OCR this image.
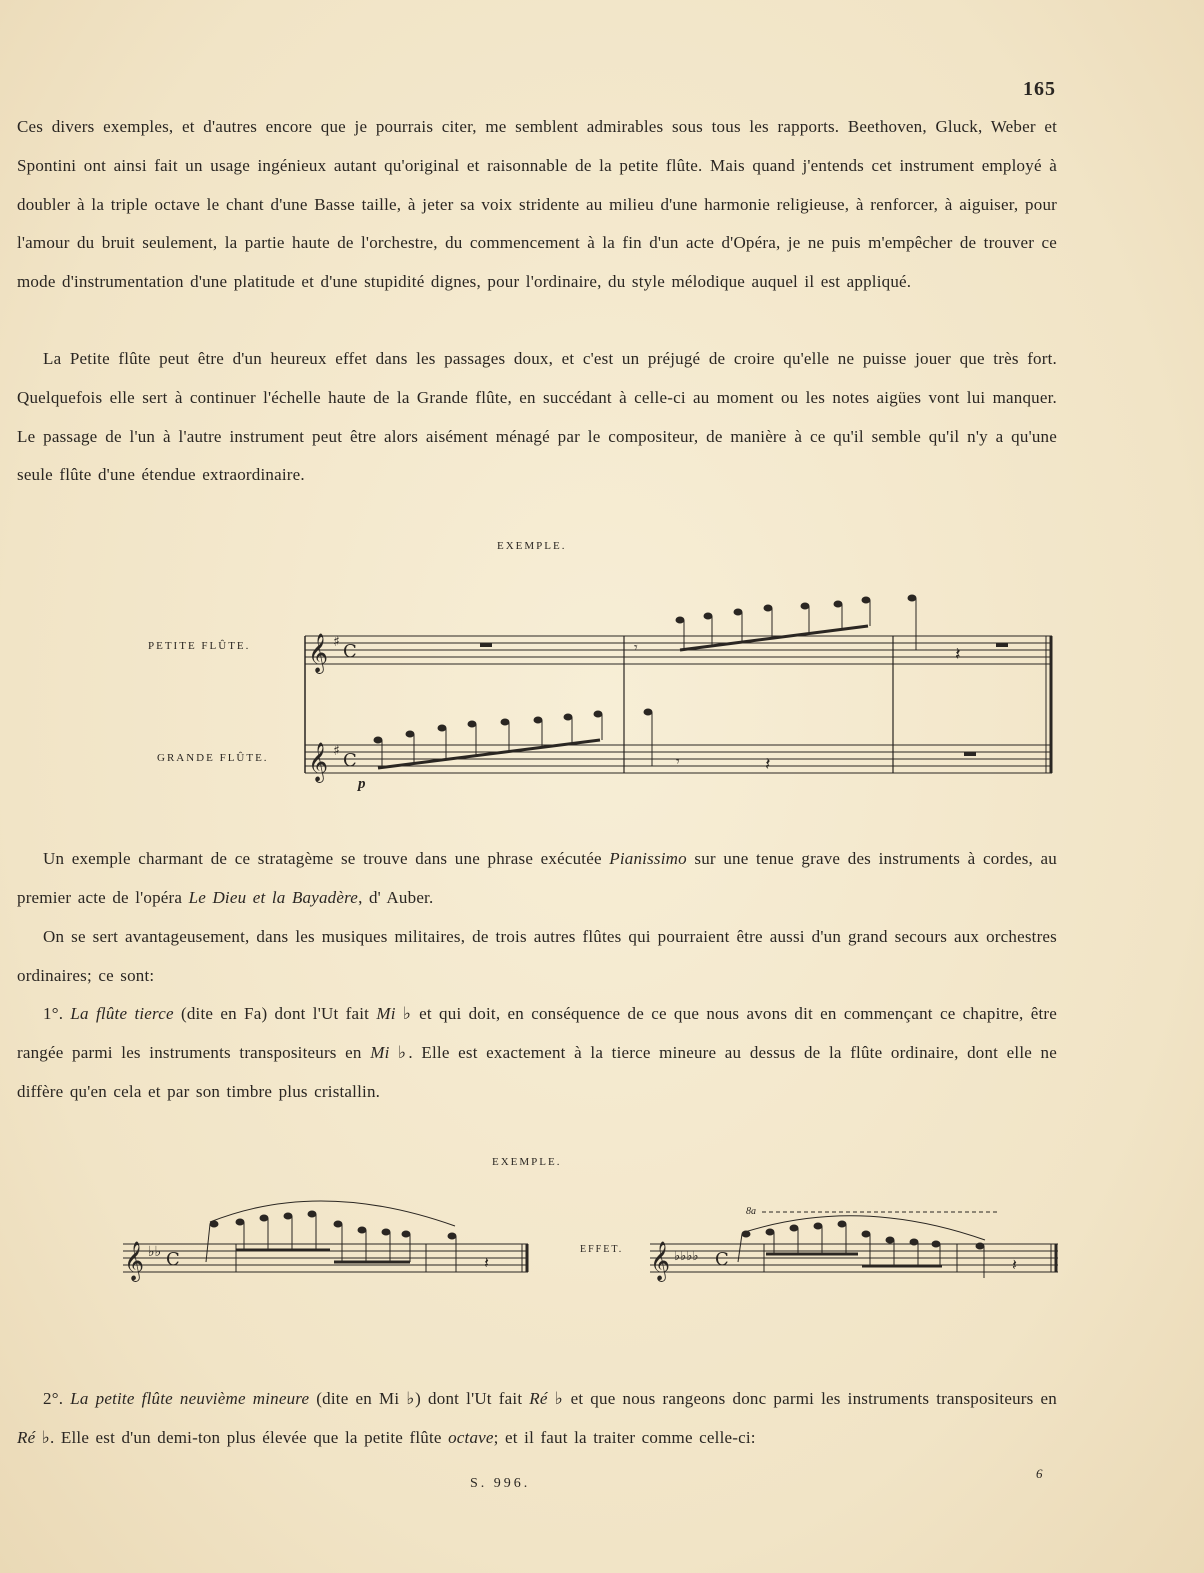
165
Ces divers exemples, et d'autres encore que je pourrais citer, me semblent admirables sous tous les rapports. Beethoven, Gluck, Weber et Spontini ont ainsi fait un usage ingénieux autant qu'original et raisonnable de la petite flûte. Mais quand j'entends cet instrument employé à doubler à la triple octave le chant d'une Basse taille, à jeter sa voix stridente au milieu d'une harmonie religieuse, à renforcer, à aiguiser, pour l'amour du bruit seulement, la partie haute de l'orchestre, du commencement à la fin d'un acte d'Opéra, je ne puis m'empêcher de trouver ce mode d'instrumentation d'une platitude et d'une stupidité dignes, pour l'ordinaire, du style mélodique auquel il est appliqué.
La Petite flûte peut être d'un heureux effet dans les passages doux, et c'est un préjugé de croire qu'elle ne puisse jouer que très fort. Quelquefois elle sert à continuer l'échelle haute de la Grande flûte, en succédant à celle-ci au moment ou les notes aigües vont lui manquer. Le passage de l'un à l'autre instrument peut être alors aisément ménagé par le compositeur, de manière à ce qu'il semble qu'il n'y a qu'une seule flûte d'une étendue extraordinaire.
EXEMPLE.
PETITE FLÛTE.
GRANDE FLÛTE.
p
Un exemple charmant de ce stratagème se trouve dans une phrase exécutée Pianissimo sur une tenue grave des instruments à cordes, au premier acte de l'opéra Le Dieu et la Bayadère, d' Auber.
On se sert avantageusement, dans les musiques militaires, de trois autres flûtes qui pourraient être aussi d'un grand secours aux orchestres ordinaires; ce sont:
1°. La flûte tierce (dite en Fa) dont l'Ut fait Mi ♭ et qui doit, en conséquence de ce que nous avons dit en commençant ce chapitre, être rangée parmi les instruments transpositeurs en Mi ♭. Elle est exactement à la tierce mineure au dessus de la flûte ordinaire, dont elle ne diffère qu'en cela et par son timbre plus cristallin.
EXEMPLE.
EFFET.
8a
2°. La petite flûte neuvième mineure (dite en Mi ♭) dont l'Ut fait Ré ♭ et que nous rangeons donc parmi les instruments transpositeurs en Ré ♭. Elle est d'un demi-ton plus élevée que la petite flûte octave; et il faut la traiter comme celle-ci:
S. 996.
6
𝄞
𝄞
♯
♯
C
C
𝄾	𝄽
𝄾	𝄽
𝄞 ♭♭ C	𝄽	𝄞 ♭♭♭♭ C	𝄽
